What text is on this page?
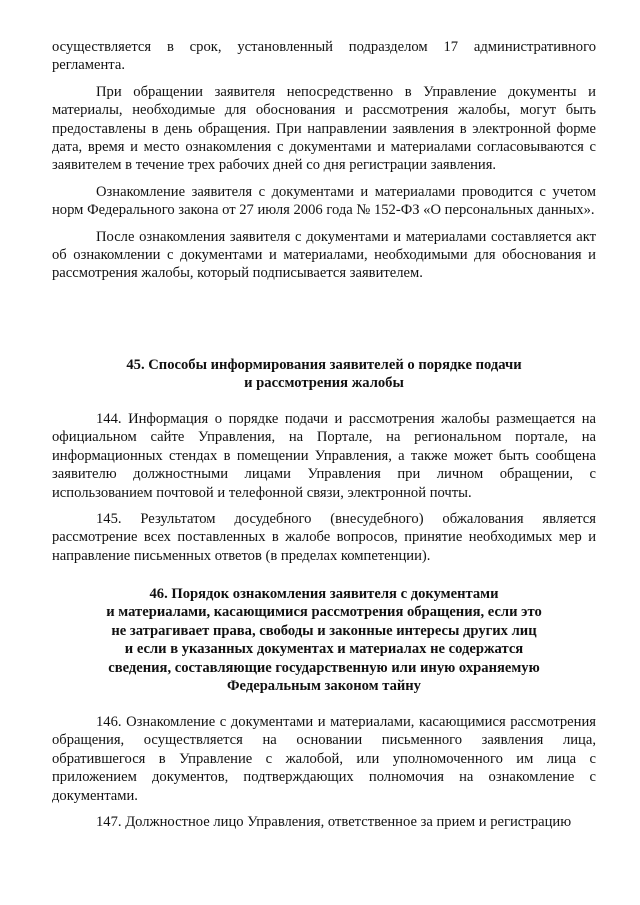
осуществляется в срок, установленный подразделом 17 административного регламента.

При обращении заявителя непосредственно в Управление документы и материалы, необходимые для обоснования и рассмотрения жалобы, могут быть предоставлены в день обращения. При направлении заявления в электронной форме дата, время и место ознакомления с документами и материалами согласовываются с заявителем в течение трех рабочих дней со дня регистрации заявления.

Ознакомление заявителя с документами и материалами проводится с учетом норм Федерального закона от 27 июля 2006 года № 152-ФЗ «О персональных данных».

После ознакомления заявителя с документами и материалами составляется акт об ознакомлении с документами и материалами, необходимыми для обоснования и рассмотрения жалобы, который подписывается заявителем.

45. Способы информирования заявителей о порядке подачи
и рассмотрения жалобы

144. Информация о порядке подачи и рассмотрения жалобы размещается на официальном сайте Управления, на Портале, на региональном портале, на информационных стендах в помещении Управления, а также может быть сообщена заявителю должностными лицами Управления при личном обращении, с использованием почтовой и телефонной связи, электронной почты.

145. Результатом досудебного (внесудебного) обжалования является рассмотрение всех поставленных в жалобе вопросов, принятие необходимых мер и направление письменных ответов (в пределах компетенции).

46. Порядок ознакомления заявителя с документами
и материалами, касающимися рассмотрения обращения, если это
не затрагивает права, свободы и законные интересы других лиц
и если в указанных документах и материалах не содержатся
сведения, составляющие государственную или иную охраняемую
Федеральным законом тайну

146. Ознакомление с документами и материалами, касающимися рассмотрения обращения, осуществляется на основании письменного заявления лица, обратившегося в Управление с жалобой, или уполномоченного им лица с приложением документов, подтверждающих полномочия на ознакомление с документами.

147. Должностное лицо Управления, ответственное за прием и регистрацию
